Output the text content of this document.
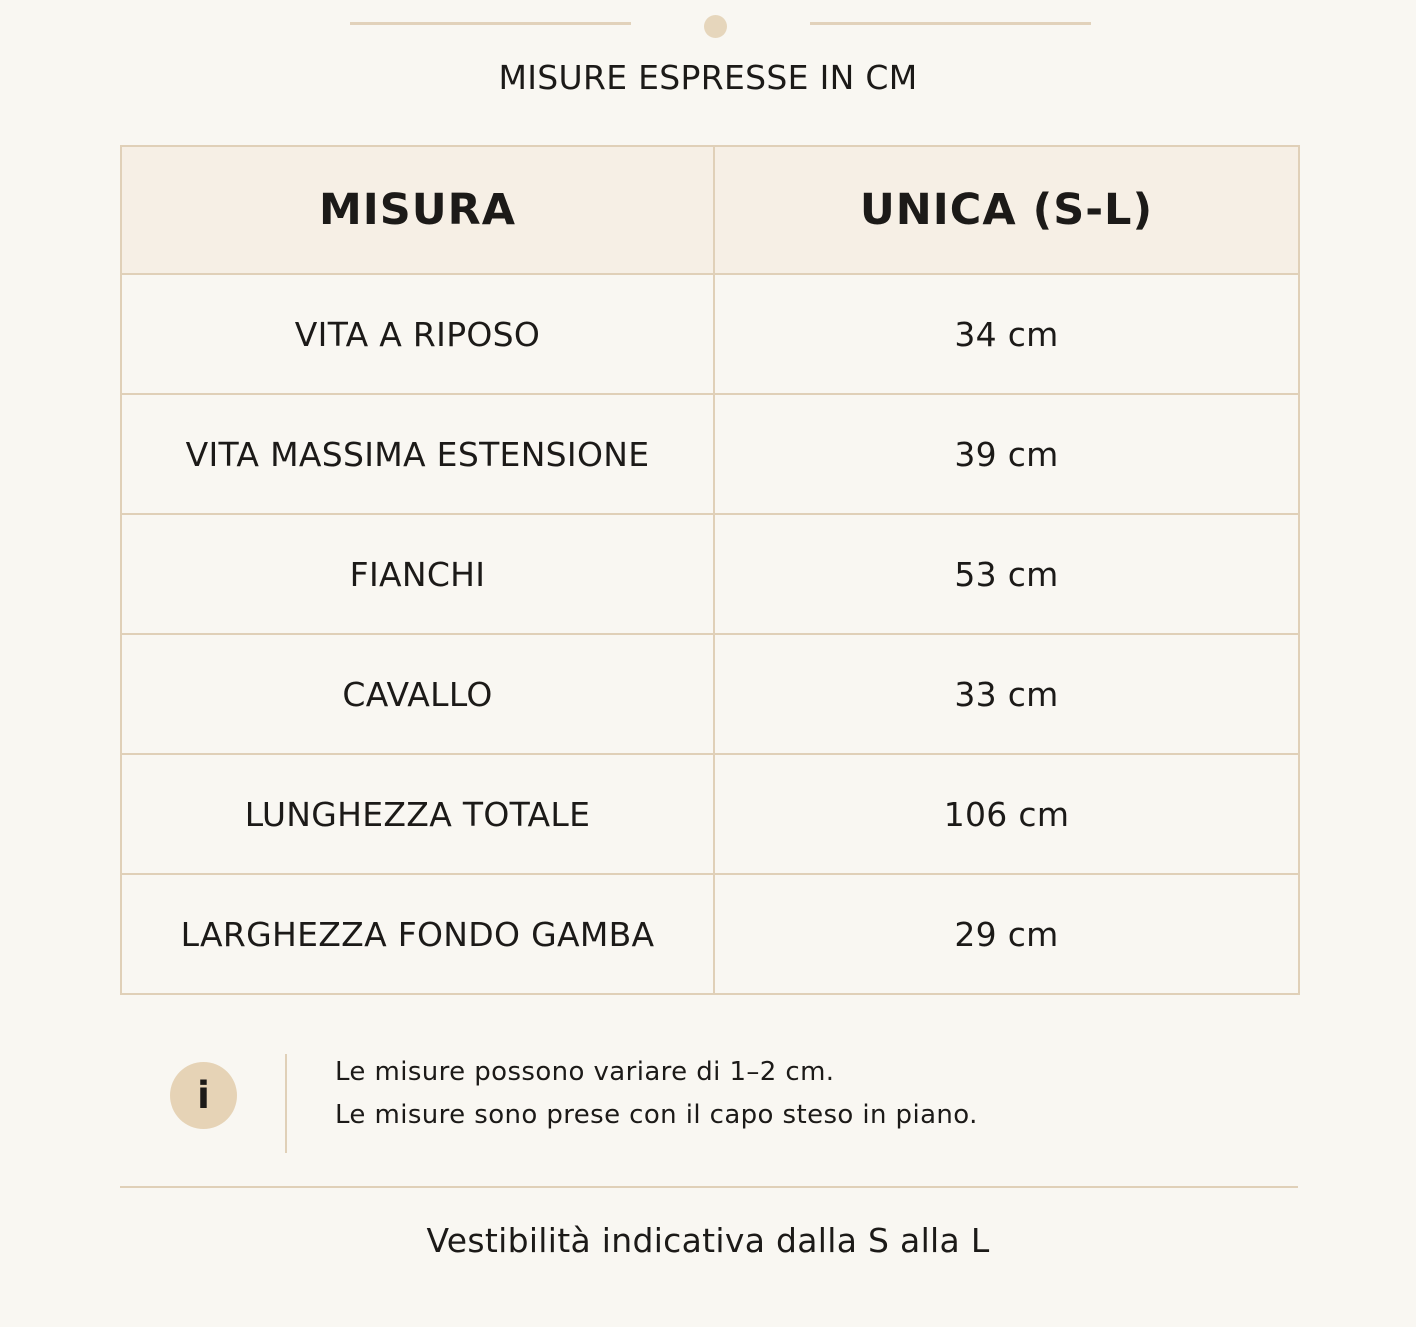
MISURE ESPRESSE IN CM
MISURA	UNICA (S-L)
VITA A RIPOSO	34 cm
VITA MASSIMA ESTENSIONE	39 cm
FIANCHI	53 cm
CAVALLO	33 cm
LUNGHEZZA TOTALE	106 cm
LARGHEZZA FONDO GAMBA	29 cm
i
Le misure possono variare di 1–2 cm.
Le misure sono prese con il capo steso in piano.
Vestibilità indicativa dalla S alla L
